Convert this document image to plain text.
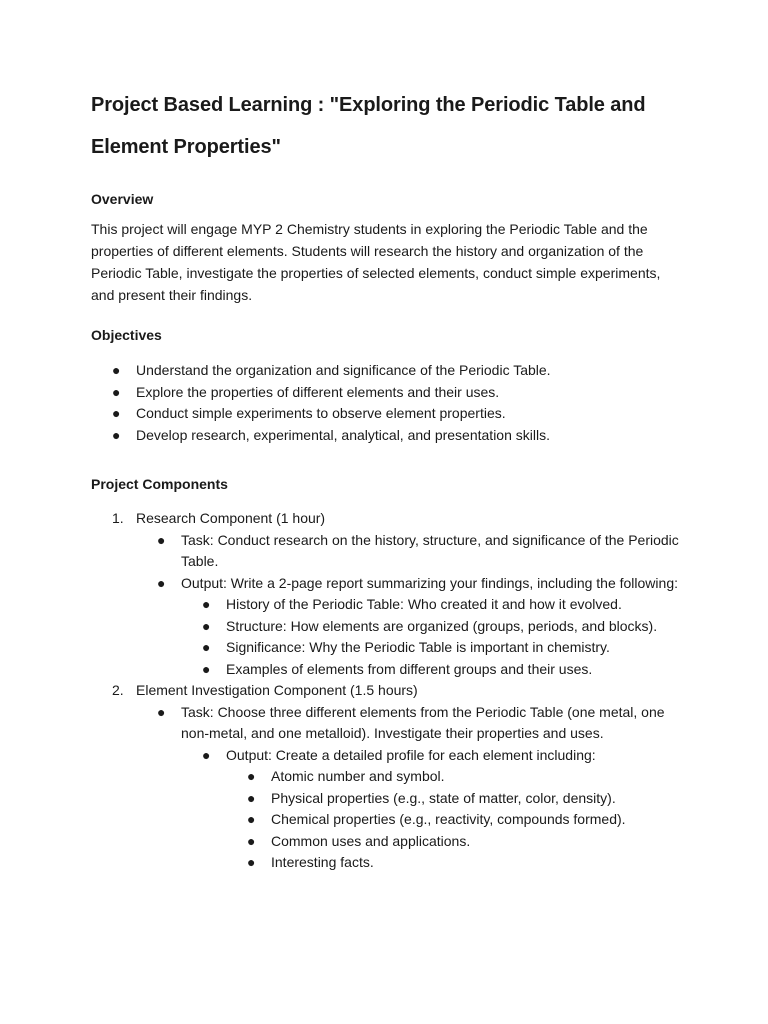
Project Based Learning : "Exploring the Periodic Table and Element Properties"
Overview

This project will engage MYP 2 Chemistry students in exploring the Periodic Table and the properties of different elements. Students will research the history and organization of the Periodic Table, investigate the properties of selected elements, conduct simple experiments, and present their findings.

Objectives
●	Understand the organization and significance of the Periodic Table.
●	Explore the properties of different elements and their uses.
●	Conduct simple experiments to observe element properties.
●	Develop research, experimental, analytical, and presentation skills.
Project Components
1. Research Component (1 hour)
●	Task: Conduct research on the history, structure, and significance of the Periodic Table.
●	Output: Write a 2-page report summarizing your findings, including the following:
●	History of the Periodic Table: Who created it and how it evolved.
●	Structure: How elements are organized (groups, periods, and blocks).
●	Significance: Why the Periodic Table is important in chemistry.
●	Examples of elements from different groups and their uses.
2. Element Investigation Component (1.5 hours)
●	Task: Choose three different elements from the Periodic Table (one metal, one non-metal, and one metalloid). Investigate their properties and uses.
●	Output: Create a detailed profile for each element including:
●	Atomic number and symbol.
●	Physical properties (e.g., state of matter, color, density).
●	Chemical properties (e.g., reactivity, compounds formed).
●	Common uses and applications.
●	Interesting facts.
